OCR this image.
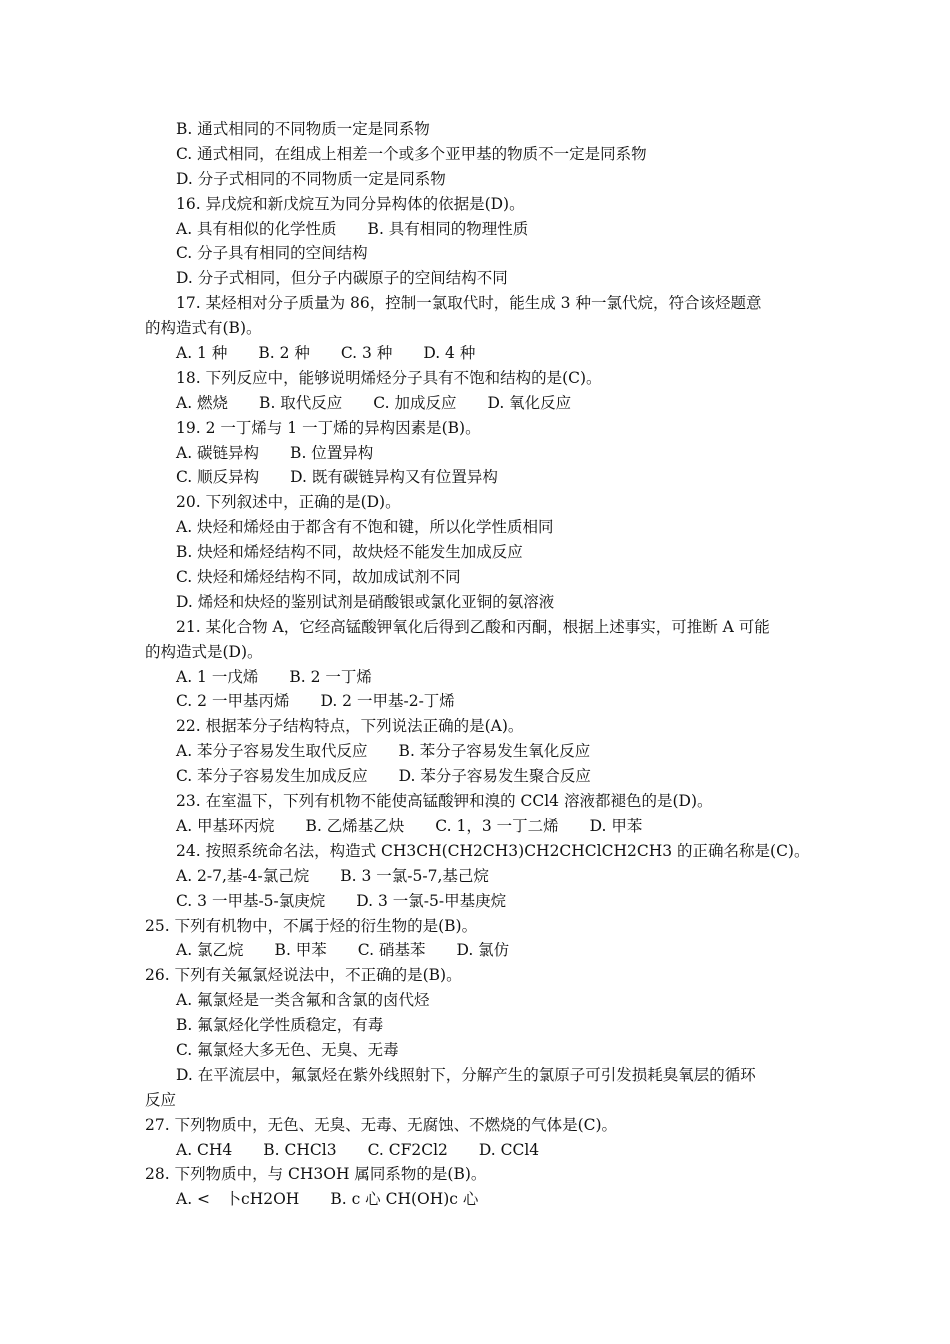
B. 通式相同的不同物质一定是同系物
C. 通式相同，在组成上相差一个或多个亚甲基的物质不一定是同系物
D. 分子式相同的不同物质一定是同系物
16. 异戊烷和新戊烷互为同分异构体的依据是(D)。
A. 具有相似的化学性质　　B. 具有相同的物理性质
C. 分子具有相同的空间结构
D. 分子式相同，但分子内碳原子的空间结构不同
17. 某烃相对分子质量为 86，控制一氯取代时，能生成 3 种一氯代烷，符合该烃题意
的构造式有(B)。
A. 1 种　　B. 2 种　　C. 3 种　　D. 4 种
18. 下列反应中，能够说明烯烃分子具有不饱和结构的是(C)。
A. 燃烧　　B. 取代反应　　C. 加成反应　　D. 氧化反应
19. 2 一丁烯与 1 一丁烯的异构因素是(B)。
A. 碳链异构　　B. 位置异构
C. 顺反异构　　D. 既有碳链异构又有位置异构
20. 下列叙述中，正确的是(D)。
A. 炔烃和烯烃由于都含有不饱和键，所以化学性质相同
B. 炔烃和烯烃结构不同，故炔烃不能发生加成反应
C. 炔烃和烯烃结构不同，故加成试剂不同
D. 烯烃和炔烃的鉴别试剂是硝酸银或氯化亚铜的氨溶液
21. 某化合物 A，它经高锰酸钾氧化后得到乙酸和丙酮，根据上述事实，可推断 A 可能
的构造式是(D)。
A. 1 一戊烯　　B. 2 一丁烯
C. 2 一甲基丙烯　　D. 2 一甲基-2-丁烯
22. 根据苯分子结构特点，下列说法正确的是(A)。
A. 苯分子容易发生取代反应　　B. 苯分子容易发生氧化反应
C. 苯分子容易发生加成反应　　D. 苯分子容易发生聚合反应
23. 在室温下，下列有机物不能使高锰酸钾和溴的 CCl4 溶液都褪色的是(D)。
A. 甲基环丙烷　　B. 乙烯基乙炔　　C. 1，3 一丁二烯　　D. 甲苯
24. 按照系统命名法，构造式 CH3CH(CH2CH3)CH2CHClCH2CH3 的正确名称是(C)。
A. 2-7,基-4-氯己烷　　B. 3 一氯-5-7,基己烷
C. 3 一甲基-5-氯庚烷　　D. 3 一氯-5-甲基庚烷
25. 下列有机物中，不属于烃的衍生物的是(B)。
A. 氯乙烷　　B. 甲苯　　C. 硝基苯　　D. 氯仿
26. 下列有关氟氯烃说法中，不正确的是(B)。
A. 氟氯烃是一类含氟和含氯的卤代烃
B. 氟氯烃化学性质稳定，有毒
C. 氟氯烃大多无色、无臭、无毒
D. 在平流层中，氟氯烃在紫外线照射下，分解产生的氯原子可引发损耗臭氧层的循环
反应
27. 下列物质中，无色、无臭、无毒、无腐蚀、不燃烧的气体是(C)。
A. CH4　　B. CHCl3　　C. CF2Cl2　　D. CCl4
28. 下列物质中，与 CH3OH 属同系物的是(B)。
A. <　卜cH2OH　　B. c 心 CH(OH)c 心
